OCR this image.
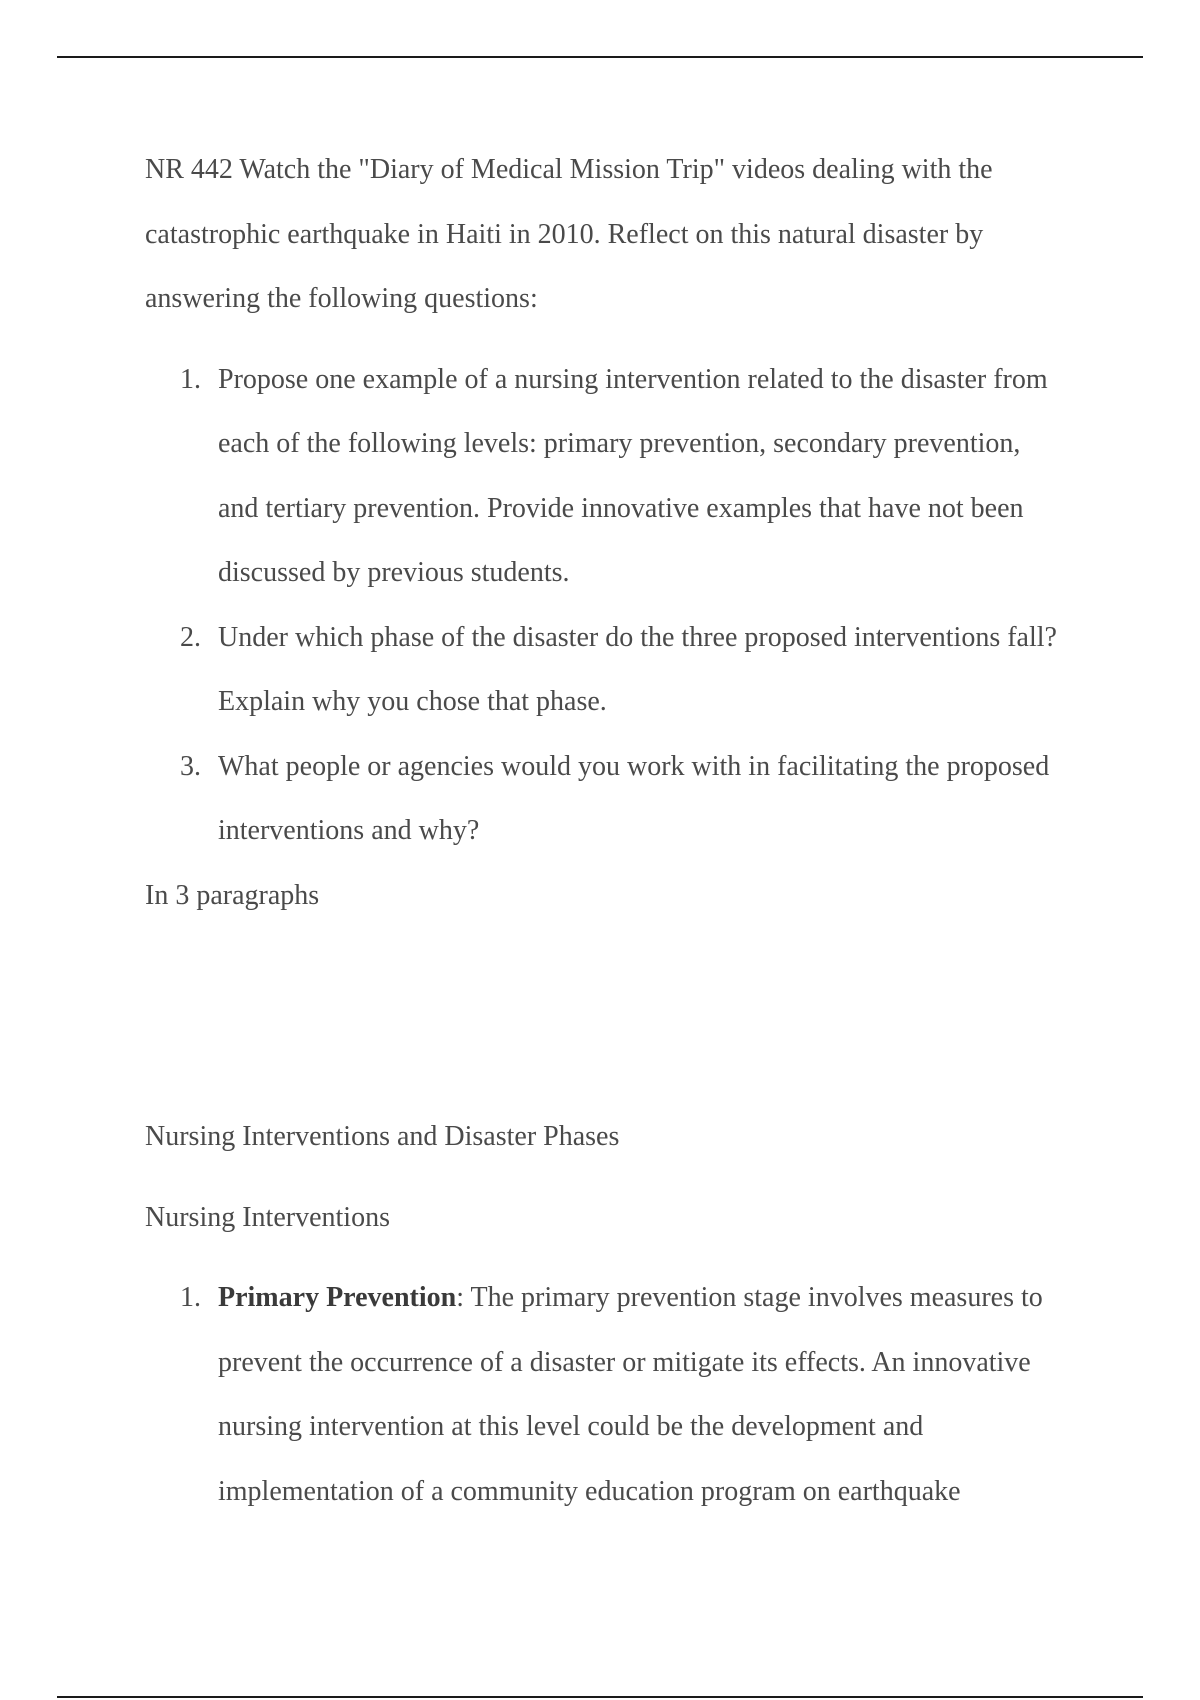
NR 442 Watch the "Diary of Medical Mission Trip" videos dealing with the catastrophic earthquake in Haiti in 2010. Reflect on this natural disaster by answering the following questions:

1. Propose one example of a nursing intervention related to the disaster from each of the following levels: primary prevention, secondary prevention, and tertiary prevention. Provide innovative examples that have not been discussed by previous students.
2. Under which phase of the disaster do the three proposed interventions fall? Explain why you chose that phase.
3. What people or agencies would you work with in facilitating the proposed interventions and why?

In 3 paragraphs

Nursing Interventions and Disaster Phases

Nursing Interventions

1. Primary Prevention: The primary prevention stage involves measures to prevent the occurrence of a disaster or mitigate its effects. An innovative nursing intervention at this level could be the development and implementation of a community education program on earthquake
